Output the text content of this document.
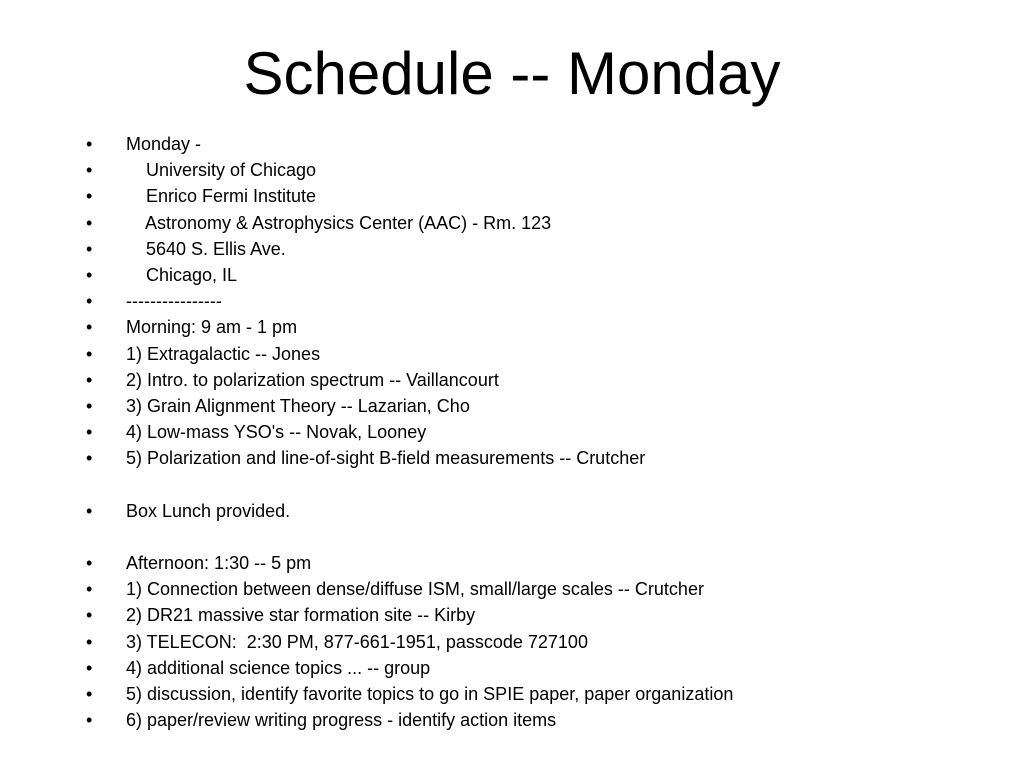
Schedule -- Monday
•	Monday -
•	University of Chicago
•	Enrico Fermi Institute
•	Astronomy & Astrophysics Center (AAC) - Rm. 123
•	5640 S. Ellis Ave.
•	Chicago, IL
•	----------------
•	Morning: 9 am - 1 pm
•	1) Extragalactic -- Jones
•	2) Intro. to polarization spectrum -- Vaillancourt
•	3) Grain Alignment Theory -- Lazarian, Cho
•	4) Low-mass YSO's -- Novak, Looney
•	5) Polarization and line-of-sight B-field measurements -- Crutcher
•	Box Lunch provided.
•	Afternoon: 1:30 -- 5 pm
•	1) Connection between dense/diffuse ISM, small/large scales -- Crutcher
•	2) DR21 massive star formation site -- Kirby
•	3) TELECON:  2:30 PM, 877-661-1951, passcode 727100
•	4) additional science topics ... -- group
•	5) discussion, identify favorite topics to go in SPIE paper, paper organization
•	6) paper/review writing progress - identify action items
